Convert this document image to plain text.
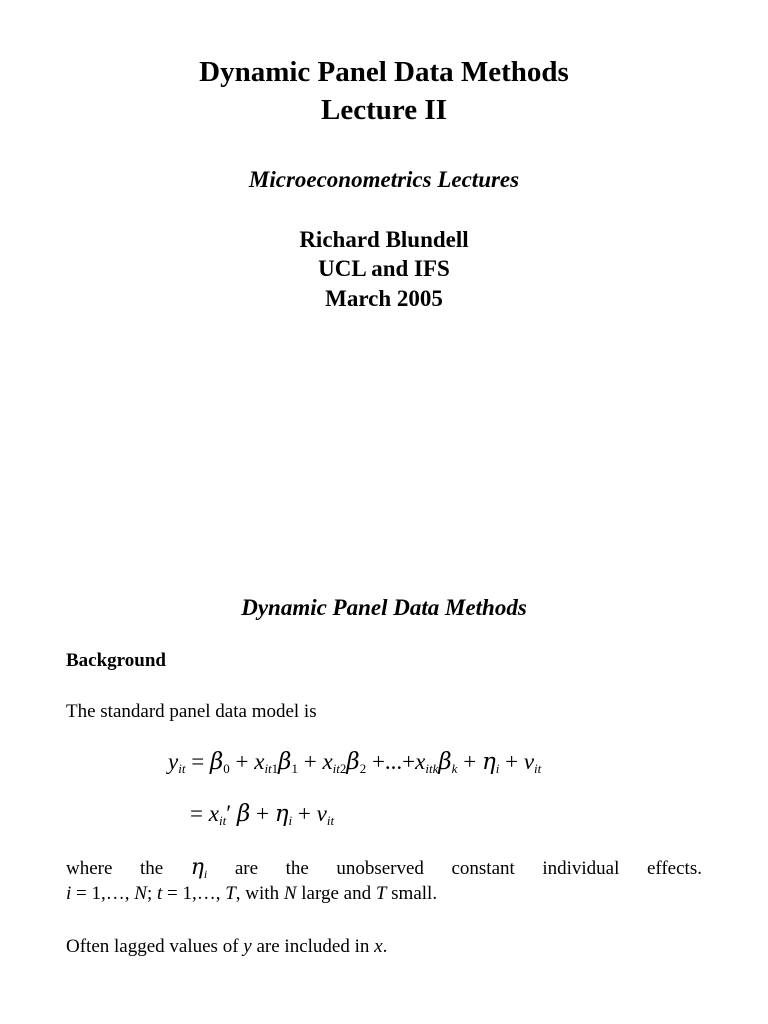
Dynamic Panel Data Methods
Lecture II
Microeconometrics Lectures
Richard Blundell
UCL and IFS
March 2005
Dynamic Panel Data Methods
Background
The standard panel data model is
$y_{it} = \beta_0 + x_{it1}\beta_1 + x_{it2}\beta_2 +...+x_{itk}\beta_k + \eta_i + v_{it}$
= $x_{it}'$ $\beta + \eta_i + v_{it}$
where the $\eta_i$ are the unobserved constant individual effects.
i = 1,…, N; t = 1,…, T, with N large and T small.
Often lagged values of y are included in x.
